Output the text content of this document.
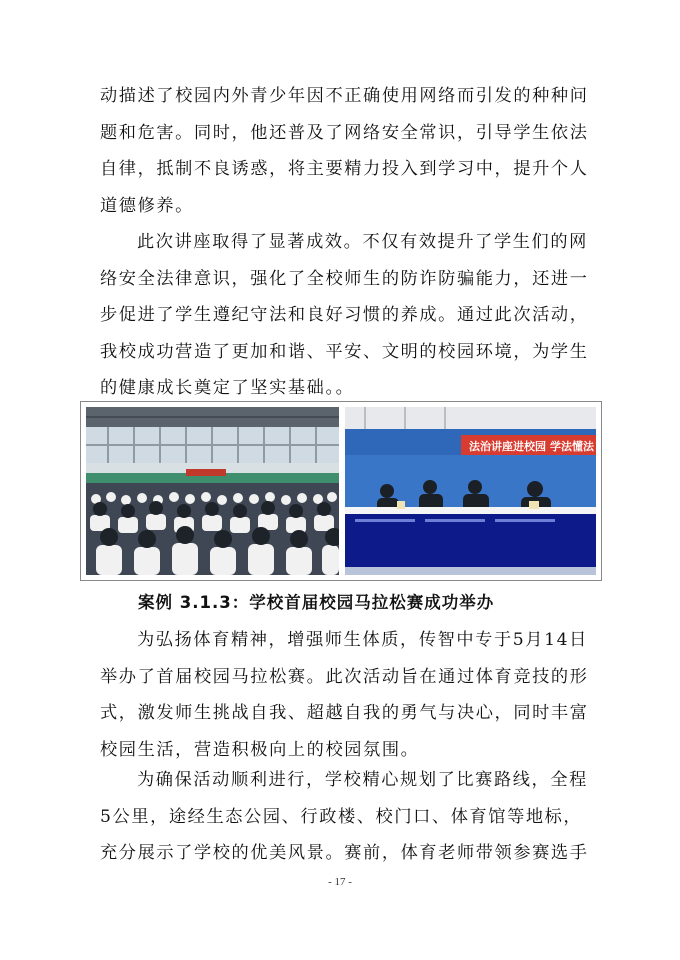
动描述了校园内外青少年因不正确使用网络而引发的种种问
题和危害。同时，他还普及了网络安全常识，引导学生依法
自律，抵制不良诱惑，将主要精力投入到学习中，提升个人
道德修养。
此次讲座取得了显著成效。不仅有效提升了学生们的网
络安全法律意识，强化了全校师生的防诈防骗能力，还进一
步促进了学生遵纪守法和良好习惯的养成。通过此次活动，
我校成功营造了更加和谐、平安、文明的校园环境，为学生
的健康成长奠定了坚实基础。。
法治讲座进校园 学法懂法
案例 3.1.3：学校首届校园马拉松赛成功举办
为弘扬体育精神，增强师生体质，传智中专于5月14日
举办了首届校园马拉松赛。此次活动旨在通过体育竞技的形
式，激发师生挑战自我、超越自我的勇气与决心，同时丰富
校园生活，营造积极向上的校园氛围。
为确保活动顺利进行，学校精心规划了比赛路线，全程
5公里，途经生态公园、行政楼、校门口、体育馆等地标，
充分展示了学校的优美风景。赛前，体育老师带领参赛选手
- 17 -
